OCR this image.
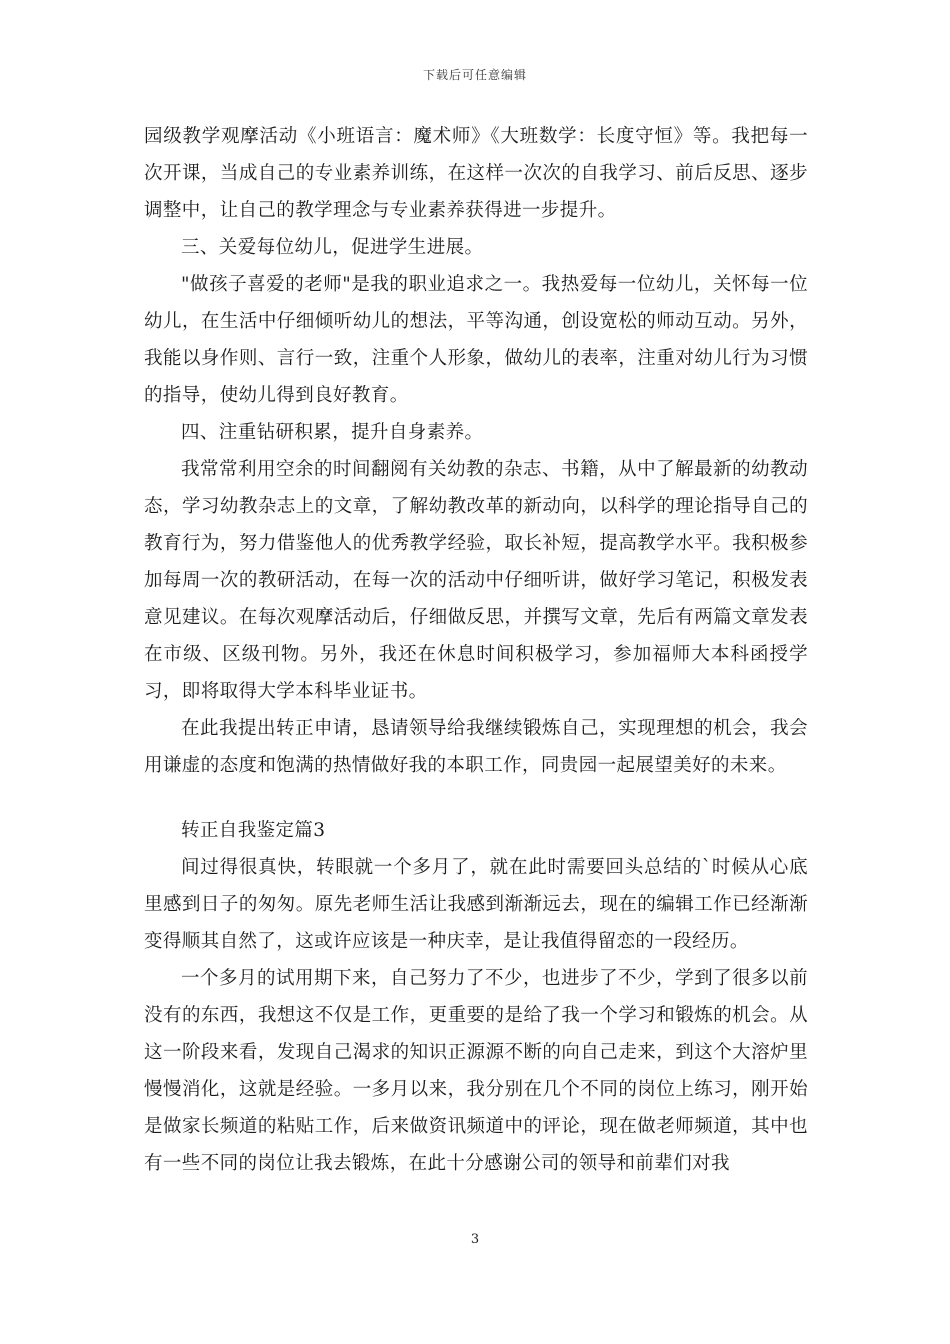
下载后可任意编辑

园级教学观摩活动《小班语言：魔术师》《大班数学：长度守恒》等。我把每一次开课，当成自己的专业素养训练，在这样一次次的自我学习、前后反思、逐步调整中，让自己的教学理念与专业素养获得进一步提升。

三、关爱每位幼儿，促进学生进展。

"做孩子喜爱的老师"是我的职业追求之一。我热爱每一位幼儿，关怀每一位幼儿，在生活中仔细倾听幼儿的想法，平等沟通，创设宽松的师动互动。另外，我能以身作则、言行一致，注重个人形象，做幼儿的表率，注重对幼儿行为习惯的指导，使幼儿得到良好教育。

四、注重钻研积累，提升自身素养。

我常常利用空余的时间翻阅有关幼教的杂志、书籍，从中了解最新的幼教动态，学习幼教杂志上的文章，了解幼教改革的新动向，以科学的理论指导自己的教育行为，努力借鉴他人的优秀教学经验，取长补短，提高教学水平。我积极参加每周一次的教研活动，在每一次的活动中仔细听讲，做好学习笔记，积极发表意见建议。在每次观摩活动后，仔细做反思，并撰写文章，先后有两篇文章发表在市级、区级刊物。另外，我还在休息时间积极学习，参加福师大本科函授学习，即将取得大学本科毕业证书。

在此我提出转正申请，恳请领导给我继续锻炼自己，实现理想的机会，我会用谦虚的态度和饱满的热情做好我的本职工作，同贵园一起展望美好的未来。

转正自我鉴定篇3

间过得很真快，转眼就一个多月了，就在此时需要回头总结的`时候从心底里感到日子的匆匆。原先老师生活让我感到渐渐远去，现在的编辑工作已经渐渐变得顺其自然了，这或许应该是一种庆幸，是让我值得留恋的一段经历。

一个多月的试用期下来，自己努力了不少，也进步了不少，学到了很多以前没有的东西，我想这不仅是工作，更重要的是给了我一个学习和锻炼的机会。从这一阶段来看，发现自己渴求的知识正源源不断的向自己走来，到这个大溶炉里慢慢消化，这就是经验。一多月以来，我分别在几个不同的岗位上练习，刚开始是做家长频道的粘贴工作，后来做资讯频道中的评论，现在做老师频道，其中也有一些不同的岗位让我去锻炼，在此十分感谢公司的领导和前辈们对我

3
